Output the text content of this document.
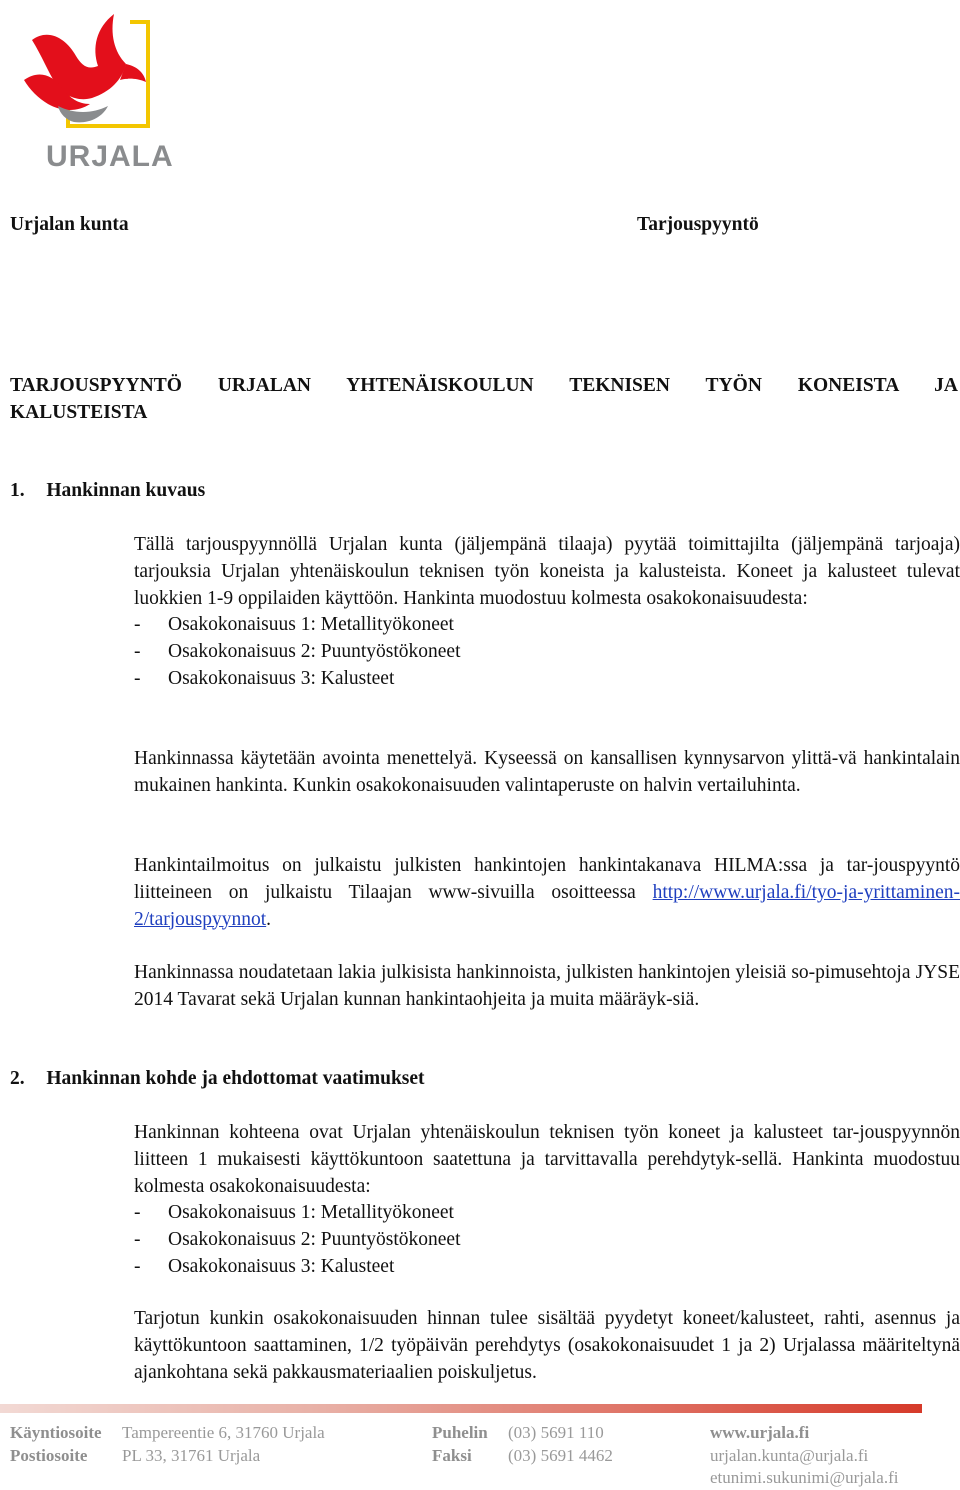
URJALA
Urjalan kunta	Tarjouspyyntö
TARJOUSPYYNTÖ URJALAN YHTENÄISKOULUN TEKNISEN TYÖN KONEISTA JA
KALUSTEISTA
1. Hankinnan kuvaus

Tällä tarjouspyynnöllä Urjalan kunta (jäljempänä tilaaja) pyytää toimittajilta (jäljempänä tarjoaja) tarjouksia Urjalan yhtenäiskoulun teknisen työn koneista ja kalusteista. Koneet ja kalusteet tulevat luokkien 1-9 oppilaiden käyttöön. Hankinta muodostuu kolmesta osakokonaisuudesta:

- Osakokonaisuus 1: Metallityökoneet
- Osakokonaisuus 2: Puuntyöstökoneet
- Osakokonaisuus 3: Kalusteet
Hankinnassa käytetään avointa menettelyä. Kyseessä on kansallisen kynnysarvon ylittä-vä hankintalain mukainen hankinta. Kunkin osakokonaisuuden valintaperuste on halvin vertailuhinta.
Hankintailmoitus on julkaistu julkisten hankintojen hankintakanava HILMA:ssa ja tar-jouspyyntö liitteineen on julkaistu Tilaajan www-sivuilla osoitteessa http://www.urjala.fi/tyo-ja-yrittaminen-2/tarjouspyynnot.
Hankinnassa noudatetaan lakia julkisista hankinnoista, julkisten hankintojen yleisiä so-pimusehtoja JYSE 2014 Tavarat sekä Urjalan kunnan hankintaohjeita ja muita määräyk-siä.
2. Hankinnan kohde ja ehdottomat vaatimukset

Hankinnan kohteena ovat Urjalan yhtenäiskoulun teknisen työn koneet ja kalusteet tar-jouspyynnön liitteen 1 mukaisesti käyttökuntoon saatettuna ja tarvittavalla perehdytyk-sellä. Hankinta muodostuu kolmesta osakokonaisuudesta:

- Osakokonaisuus 1: Metallityökoneet
- Osakokonaisuus 2: Puuntyöstökoneet
- Osakokonaisuus 3: Kalusteet
Tarjotun kunkin osakokonaisuuden hinnan tulee sisältää pyydetyt koneet/kalusteet, rahti, asennus ja käyttökuntoon saattaminen, 1/2 työpäivän perehdytys (osakokonaisuudet 1 ja 2) Urjalassa määriteltynä ajankohtana sekä pakkausmateriaalien poiskuljetus.
Käyntiosoite Tampereentie 6, 31760 Urjala
Postiosoite PL 33, 31761 Urjala
Puhelin (03) 5691 110
Faksi (03) 5691 4462
www.urjala.fi
urjalan.kunta@urjala.fi
etunimi.sukunimi@urjala.fi
